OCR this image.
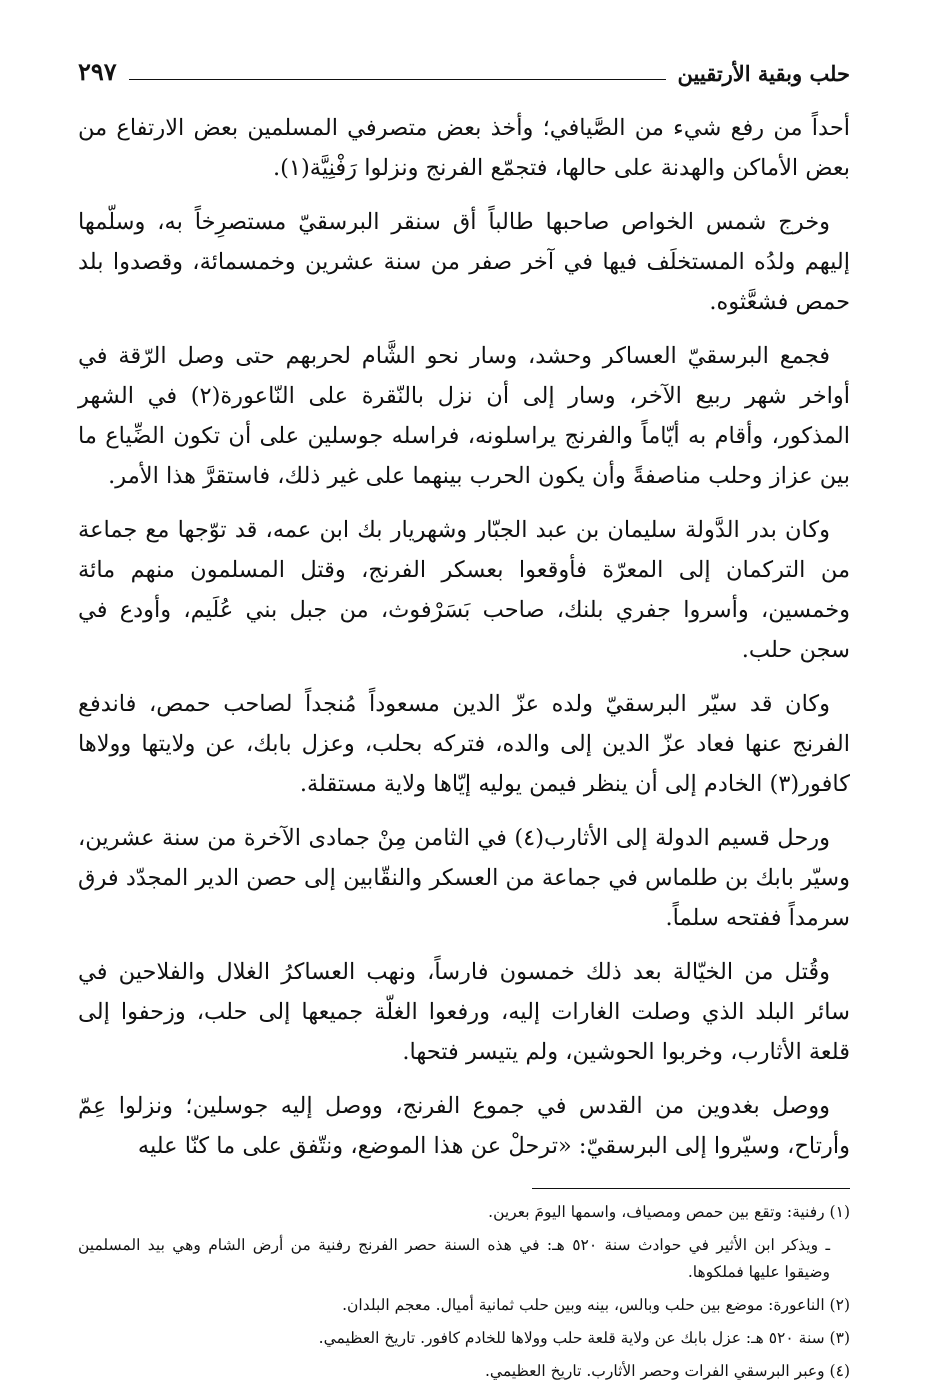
حلب وبقية الأرتقيين
٢٩٧

أحداً من رفع شيء من الصَّيافي؛ وأخذ بعض متصرفي المسلمين بعض الارتفاع من بعض الأماكن والهدنة على حالها، فتجمّع الفرنج ونزلوا رَفْنِيَّة(١).

وخرج شمس الخواص صاحبها طالباً أق سنقر البرسقيّ مستصرِخاً به، وسلّمها إليهم ولدُه المستخلَف فيها في آخر صفر من سنة عشرين وخمسمائة، وقصدوا بلد حمص فشعَّثوه.

فجمع البرسقيّ العساكر وحشد، وسار نحو الشَّام لحربهم حتى وصل الرّقة في أواخر شهر ربيع الآخر، وسار إلى أن نزل بالنّقرة على النّاعورة(٢) في الشهر المذكور، وأقام به أيّاماً والفرنج يراسلونه، فراسله جوسلين على أن تكون الضِّياع ما بين عزاز وحلب مناصفةً وأن يكون الحرب بينهما على غير ذلك، فاستقرَّ هذا الأمر.

وكان بدر الدَّولة سليمان بن عبد الجبّار وشهريار بك ابن عمه، قد توّجها مع جماعة من التركمان إلى المعرّة فأوقعوا بعسكر الفرنج، وقتل المسلمون منهم مائة وخمسين، وأسروا جفري بلنك، صاحب بَسَرْفوث، من جبل بني عُلَيم، وأودع في سجن حلب.

وكان قد سيّر البرسقيّ ولده عزّ الدين مسعوداً مُنجداً لصاحب حمص، فاندفع الفرنج عنها فعاد عزّ الدين إلى والده، فتركه بحلب، وعزل بابك، عن ولايتها وولاها كافور(٣) الخادم إلى أن ينظر فيمن يوليه إيّاها ولاية مستقلة.

ورحل قسيم الدولة إلى الأثارب(٤) في الثامن مِنْ جمادى الآخرة من سنة عشرين، وسيّر بابك بن طلماس في جماعة من العسكر والنقّابين إلى حصن الدير المجدّد فرق سرمداً ففتحه سلماً.

وقُتل من الخيّالة بعد ذلك خمسون فارساً، ونهب العساكرُ الغلال والفلاحين في سائر البلد الذي وصلت الغارات إليه، ورفعوا الغلّة جميعها إلى حلب، وزحفوا إلى قلعة الأثارب، وخربوا الحوشين، ولم يتيسر فتحها.

ووصل بغدوين من القدس في جموع الفرنج، ووصل إليه جوسلين؛ ونزلوا عِمّ وأرتاح، وسيّروا إلى البرسقيّ: «ترحلْ عن هذا الموضع، ونتّفق على ما كنّا عليه

(١) رفنية: وتقع بين حمص ومصياف، واسمها اليومَ بعرين.

ـ ويذكر ابن الأثير في حوادث سنة ٥٢٠ هـ: في هذه السنة حصر الفرنج رفنية من أرض الشام وهي بيد المسلمين وضيقوا عليها فملكوها.

(٢) الناعورة: موضع بين حلب وبالس، بينه وبين حلب ثمانية أميال. معجم البلدان.

(٣) سنة ٥٢٠ هـ: عزل بابك عن ولاية قلعة حلب وولاها للخادم كافور. تاريخ العظيمي.

(٤) وعبر البرسقي الفرات وحصر الأثارب. تاريخ العظيمي.
